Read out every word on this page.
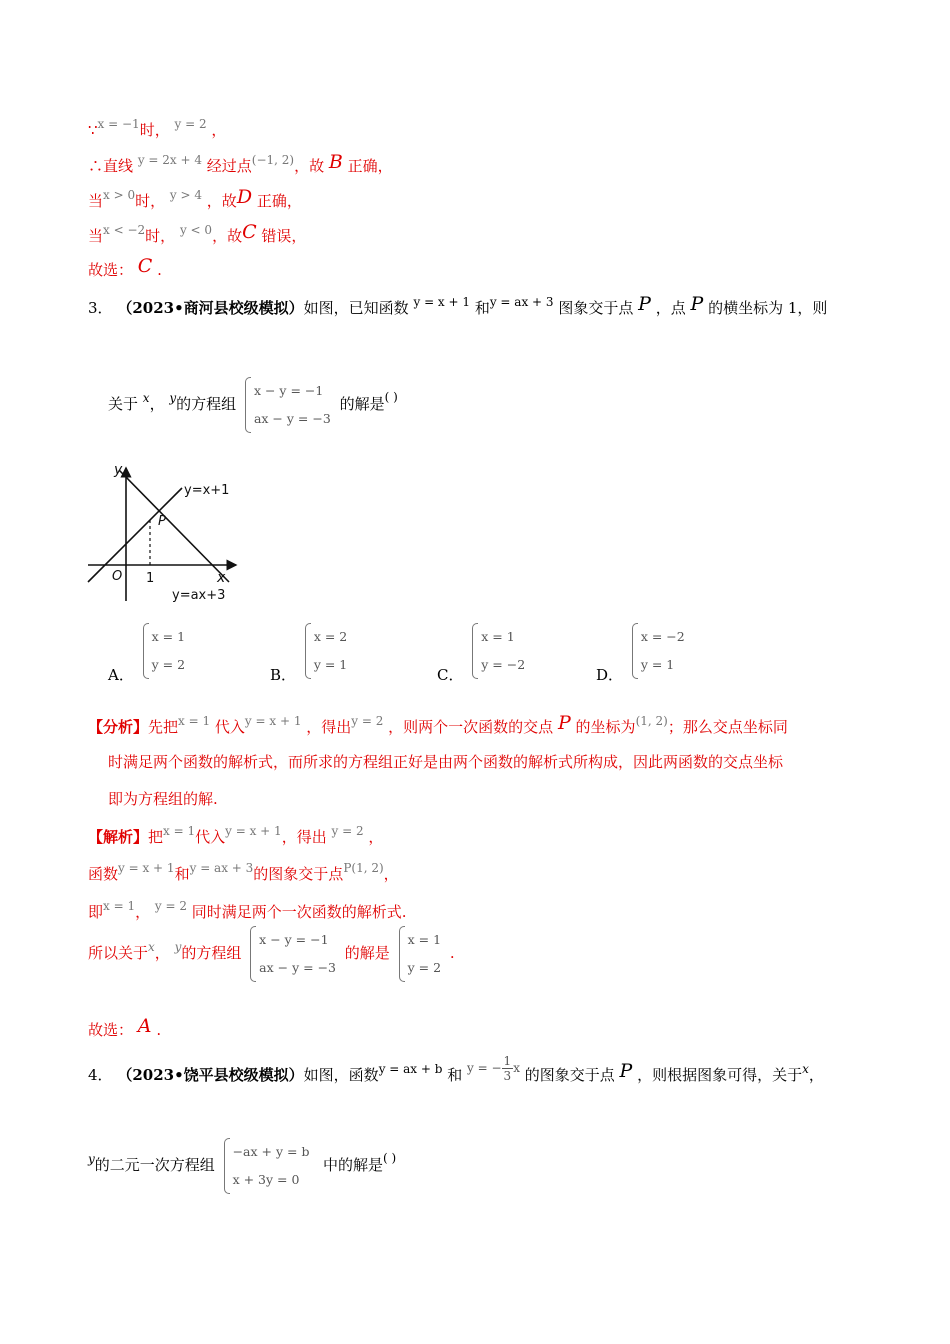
∵$^{x = -1}$时， $^{y = 2}$ ，
∴直线 $^{y = 2x + 4}$ 经过点$^{(-1, 2)}$，故 B 正确，
当$^{x > 0}$时， $^{y > 4}$ ，故D 正确，
当$^{x < -2}$时， $^{y < 0}$，故C 错误，
故选： C .
3． （2023•商河县校级模拟）如图，已知函数 $^{y = x + 1}$ 和$^{y = ax + 3}$ 图象交于点 P ，点 P 的横坐标为 1，则
关于 $^x$， $^y$的方程组
x − y = −1
ax − y = −3
的解是( )
y
x
O 1
P
y=x+1
y=ax+3
A．
x = 1
y = 2
B．
x = 2
y = 1
C．
x = 1
y = −2
D．
x = −2
y = 1
【分析】先把$^{x = 1}$ 代入$^{y = x + 1}$ ，得出$^{y = 2}$ ，则两个一次函数的交点 P 的坐标为$^{(1, 2)}$；那么交点坐标同
时满足两个函数的解析式，而所求的方程组正好是由两个函数的解析式所构成，因此两函数的交点坐标
即为方程组的解.
【解析】把$^{x = 1}$代入$^{y = x + 1}$，得出 $^{y = 2}$ ，
函数$^{y = x + 1}$和$^{y = ax + 3}$的图象交于点$^{P(1, 2)}$，
即$^{x = 1}$， $^{y = 2}$ 同时满足两个一次函数的解析式.
所以关于$^x$， $^y$的方程组
x − y = −1
ax − y = −3
的解是
x = 1
y = 2
.
故选： A .
4． （2023•饶平县校级模拟）如图，函数$^{y = ax + b}$ 和 $^{y = - \frac{1}{3} x}$ 的图象交于点 P ，则根据图象可得，关于$^x$，
$^y$的二元一次方程组
−ax + y = b
x + 3y = 0
中的解是( )
